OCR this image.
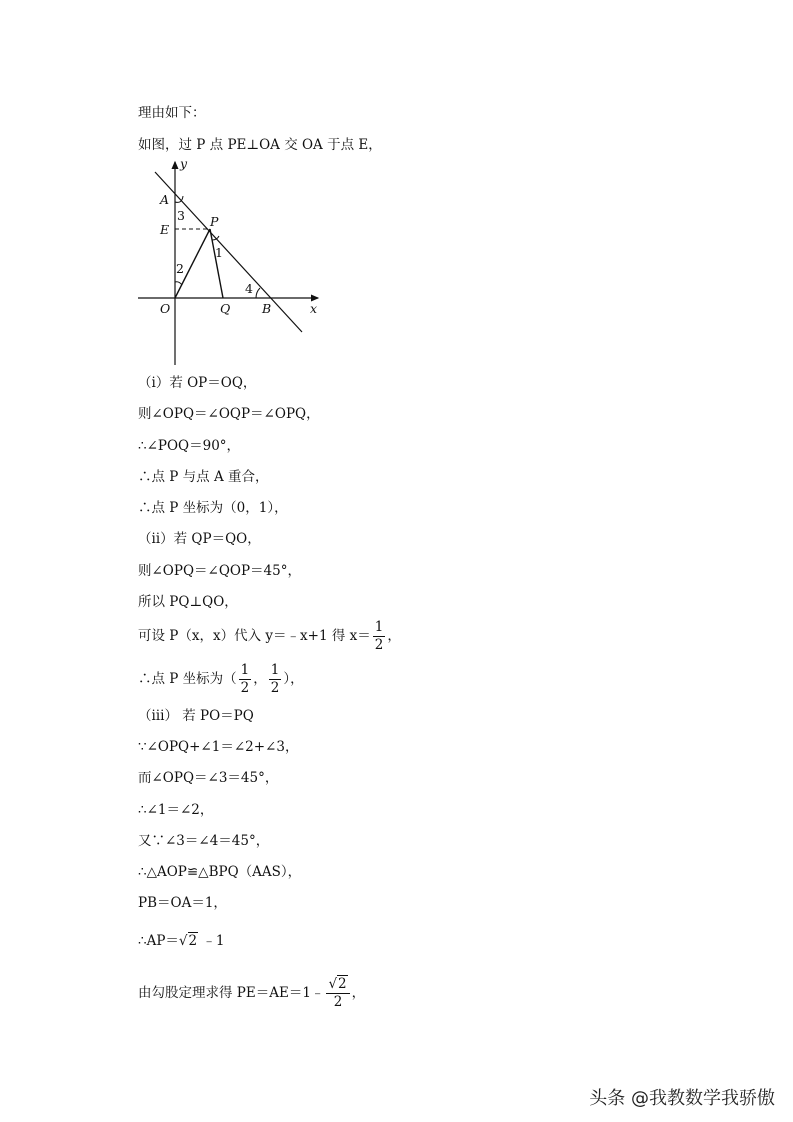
理由如下：
如图，过 P 点 PE⊥OA 交 OA 于点 E，
y
A
3
E
P
1
2
4
O	Q	B	x
（ⅰ）若 OP＝OQ，
则∠OPQ＝∠OQP＝∠OPQ，
∴∠POQ＝90°，
∴点 P 与点 A 重合，
∴点 P 坐标为（0，1），
（ⅱ）若 QP＝QO，
则∠OPQ＝∠QOP＝45°，
所以 PQ⊥QO，
可设 P（x，x）代入 y＝﹣x+1 得 $x= \frac{1}{2}$ ，
∴点 P 坐标为（ $\frac{1}{2}$ ， $\frac{1}{2}$ ），
（ⅲ） 若 PO＝PQ
∵∠OPQ+∠1＝∠2+∠3，
而∠OPQ＝∠3＝45°，
∴∠1＝∠2，
又∵∠3＝∠4＝45°，
∴△AOP≌△BPQ（AAS），
PB＝OA＝1，
∴AP＝√2 ﹣1
由勾股定理求得 PE＝AE＝1﹣ $\frac{√2}{2}$ ，
头条 @我教数学我骄傲
